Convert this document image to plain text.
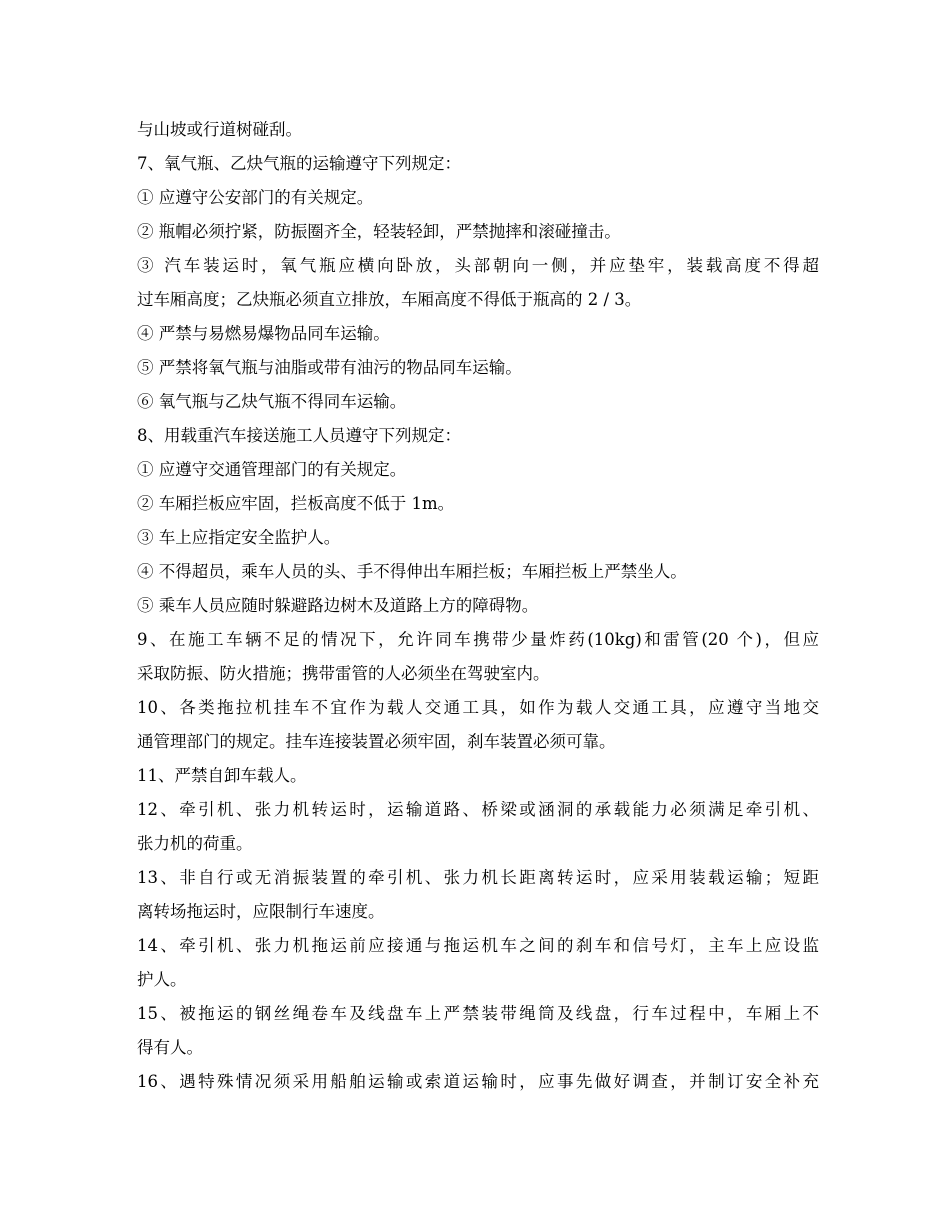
与山坡或行道树碰刮。

7、氧气瓶、乙炔气瓶的运输遵守下列规定：

① 应遵守公安部门的有关规定。

② 瓶帽必须拧紧，防振圈齐全，轻装轻卸，严禁抛摔和滚碰撞击。

③ 汽车装运时，氧气瓶应横向卧放，头部朝向一侧，并应垫牢，装载高度不得超

过车厢高度；乙炔瓶必须直立排放，车厢高度不得低于瓶高的 2 / 3。

④ 严禁与易燃易爆物品同车运输。

⑤ 严禁将氧气瓶与油脂或带有油污的物品同车运输。

⑥ 氧气瓶与乙炔气瓶不得同车运输。

8、用载重汽车接送施工人员遵守下列规定：

① 应遵守交通管理部门的有关规定。

② 车厢拦板应牢固，拦板高度不低于 1m。

③ 车上应指定安全监护人。

④ 不得超员，乘车人员的头、手不得伸出车厢拦板；车厢拦板上严禁坐人。

⑤ 乘车人员应随时躲避路边树木及道路上方的障碍物。

9、在施工车辆不足的情况下，允许同车携带少量炸药(10kg)和雷管(20 个)，但应

采取防振、防火措施；携带雷管的人必须坐在驾驶室内。

10、各类拖拉机挂车不宜作为载人交通工具，如作为载人交通工具，应遵守当地交

通管理部门的规定。挂车连接装置必须牢固，刹车装置必须可靠。

11、严禁自卸车载人。

12、牵引机、张力机转运时，运输道路、桥梁或涵洞的承载能力必须满足牵引机、

张力机的荷重。

13、非自行或无消振装置的牵引机、张力机长距离转运时，应采用装载运输；短距

离转场拖运时，应限制行车速度。

14、牵引机、张力机拖运前应接通与拖运机车之间的刹车和信号灯，主车上应设监

护人。

15、被拖运的钢丝绳卷车及线盘车上严禁装带绳筒及线盘，行车过程中，车厢上不

得有人。

16、遇特殊情况须采用船舶运输或索道运输时，应事先做好调查，并制订安全补充
